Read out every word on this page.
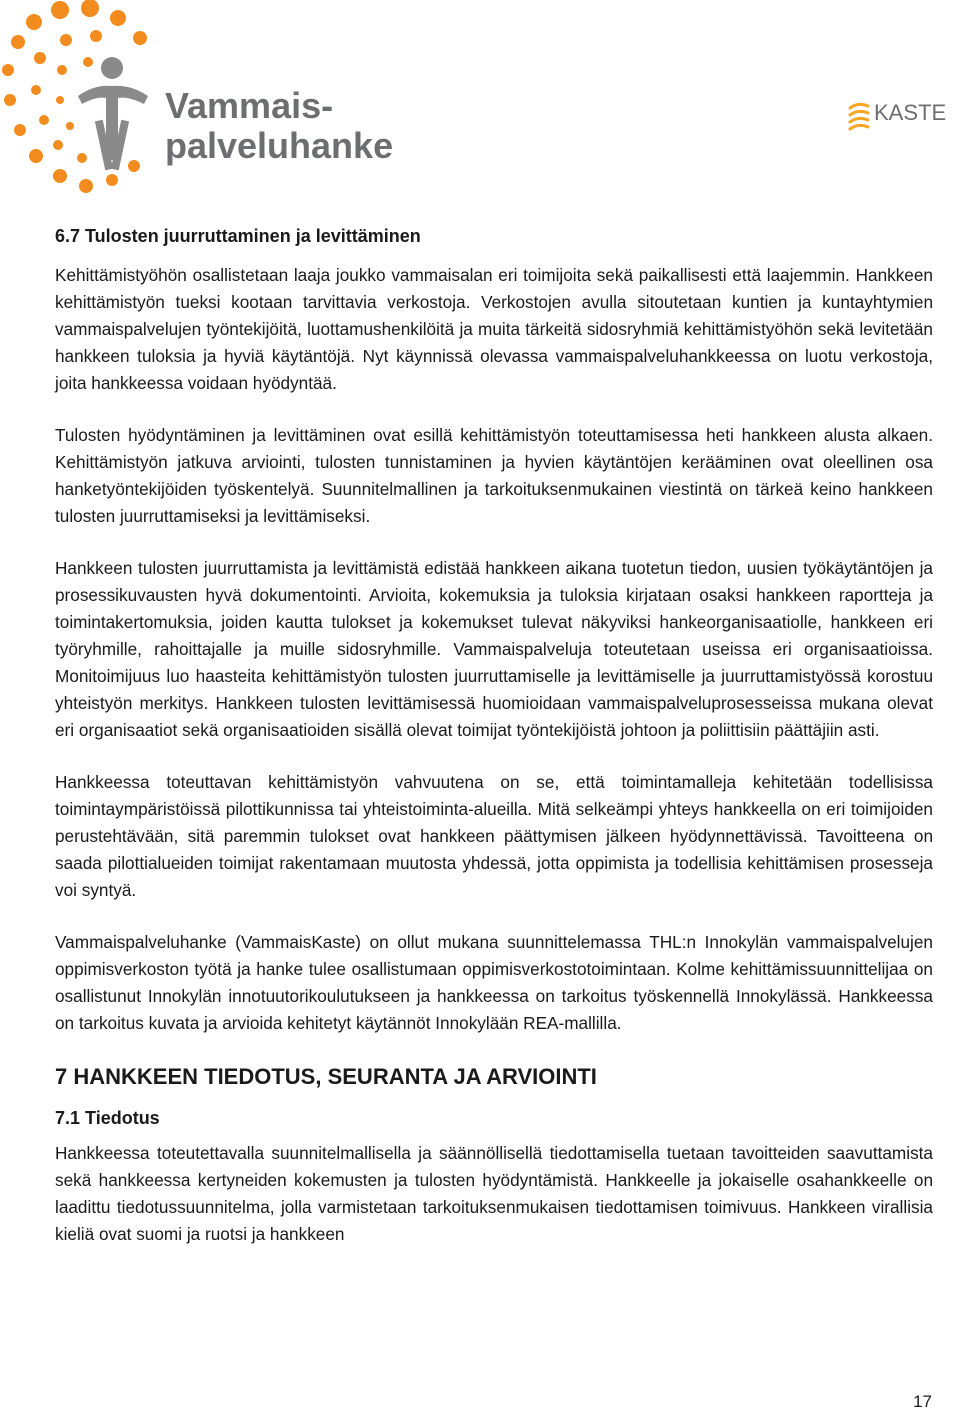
Vammais-
palveluhanke
KASTE
6.7 Tulosten juurruttaminen ja levittäminen

Kehittämistyöhön osallistetaan laaja joukko vammaisalan eri toimijoita sekä paikallisesti että laajemmin. Hankkeen kehittämistyön tueksi kootaan tarvittavia verkostoja. Verkostojen avulla sitoutetaan kuntien ja kuntayhtymien vammaispalvelujen työntekijöitä, luottamushenkilöitä ja muita tärkeitä sidosryhmiä kehittämistyöhön sekä levitetään hankkeen tuloksia ja hyviä käytäntöjä. Nyt käynnissä olevassa vammaispalveluhankkeessa on luotu verkostoja, joita hankkeessa voidaan hyödyntää.

Tulosten hyödyntäminen ja levittäminen ovat esillä kehittämistyön toteuttamisessa heti hankkeen alusta alkaen. Kehittämistyön jatkuva arviointi, tulosten tunnistaminen ja hyvien käytäntöjen kerääminen ovat oleellinen osa hanketyöntekijöiden työskentelyä. Suunnitelmallinen ja tarkoituksenmukainen viestintä on tärkeä keino hankkeen tulosten juurruttamiseksi ja levittämiseksi.

Hankkeen tulosten juurruttamista ja levittämistä edistää hankkeen aikana tuotetun tiedon, uusien työkäytäntöjen ja prosessikuvausten hyvä dokumentointi. Arvioita, kokemuksia ja tuloksia kirjataan osaksi hankkeen raportteja ja toimintakertomuksia, joiden kautta tulokset ja kokemukset tulevat näkyviksi hankeorganisaatiolle, hankkeen eri työryhmille, rahoittajalle ja muille sidosryhmille. Vammaispalveluja toteutetaan useissa eri organisaatioissa. Monitoimijuus luo haasteita kehittämistyön tulosten juurruttamiselle ja levittämiselle ja juurruttamistyössä korostuu yhteistyön merkitys. Hankkeen tulosten levittämisessä huomioidaan vammaispalveluprosesseissa mukana olevat eri organisaatiot sekä organisaatioiden sisällä olevat toimijat työntekijöistä johtoon ja poliittisiin päättäjiin asti.

Hankkeessa toteuttavan kehittämistyön vahvuutena on se, että toimintamalleja kehitetään todellisissa toimintaympäristöissä pilottikunnissa tai yhteistoiminta-alueilla. Mitä selkeämpi yhteys hankkeella on eri toimijoiden perustehtävään, sitä paremmin tulokset ovat hankkeen päättymisen jälkeen hyödynnettävissä. Tavoitteena on saada pilottialueiden toimijat rakentamaan muutosta yhdessä, jotta oppimista ja todellisia kehittämisen prosesseja voi syntyä.

Vammaispalveluhanke (VammaisKaste) on ollut mukana suunnittelemassa THL:n Innokylän vammaispalvelujen oppimisverkoston työtä ja hanke tulee osallistumaan oppimisverkostotoimintaan. Kolme kehittämissuunnittelijaa on osallistunut Innokylän innotuutorikoulutukseen ja hankkeessa on tarkoitus työskennellä Innokylässä. Hankkeessa on tarkoitus kuvata ja arvioida kehitetyt käytännöt Innokylään REA-mallilla.

7 HANKKEEN TIEDOTUS, SEURANTA JA ARVIOINTI
7.1 Tiedotus

Hankkeessa toteutettavalla suunnitelmallisella ja säännöllisellä tiedottamisella tuetaan tavoitteiden saavuttamista sekä hankkeessa kertyneiden kokemusten ja tulosten hyödyntämistä. Hankkeelle ja jokaiselle osahankkeelle on laadittu tiedotussuunnitelma, jolla varmistetaan tarkoituksenmukaisen tiedottamisen toimivuus. Hankkeen virallisia kieliä ovat suomi ja ruotsi ja hankkeen

17
